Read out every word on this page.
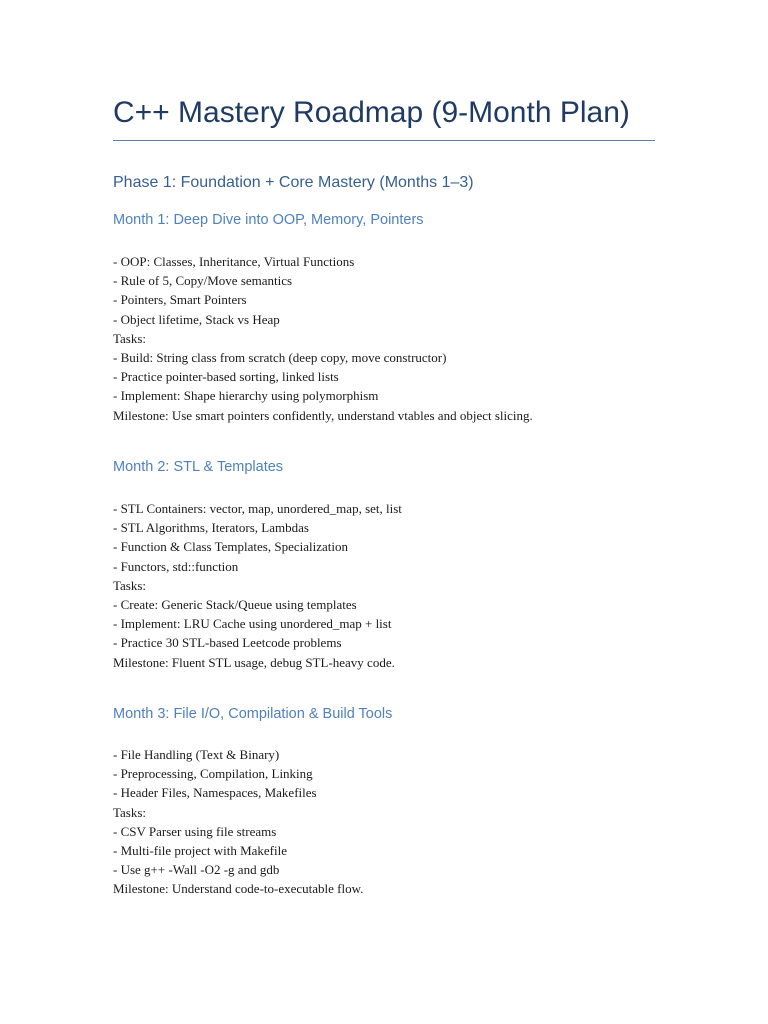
C++ Mastery Roadmap (9-Month Plan)
Phase 1: Foundation + Core Mastery (Months 1–3)
Month 1: Deep Dive into OOP, Memory, Pointers
- OOP: Classes, Inheritance, Virtual Functions
- Rule of 5, Copy/Move semantics
- Pointers, Smart Pointers
- Object lifetime, Stack vs Heap
Tasks:
- Build: String class from scratch (deep copy, move constructor)
- Practice pointer-based sorting, linked lists
- Implement: Shape hierarchy using polymorphism
Milestone: Use smart pointers confidently, understand vtables and object slicing.
Month 2: STL & Templates
- STL Containers: vector, map, unordered_map, set, list
- STL Algorithms, Iterators, Lambdas
- Function & Class Templates, Specialization
- Functors, std::function
Tasks:
- Create: Generic Stack/Queue using templates
- Implement: LRU Cache using unordered_map + list
- Practice 30 STL-based Leetcode problems
Milestone: Fluent STL usage, debug STL-heavy code.
Month 3: File I/O, Compilation & Build Tools
- File Handling (Text & Binary)
- Preprocessing, Compilation, Linking
- Header Files, Namespaces, Makefiles
Tasks:
- CSV Parser using file streams
- Multi-file project with Makefile
- Use g++ -Wall -O2 -g and gdb
Milestone: Understand code-to-executable flow.
